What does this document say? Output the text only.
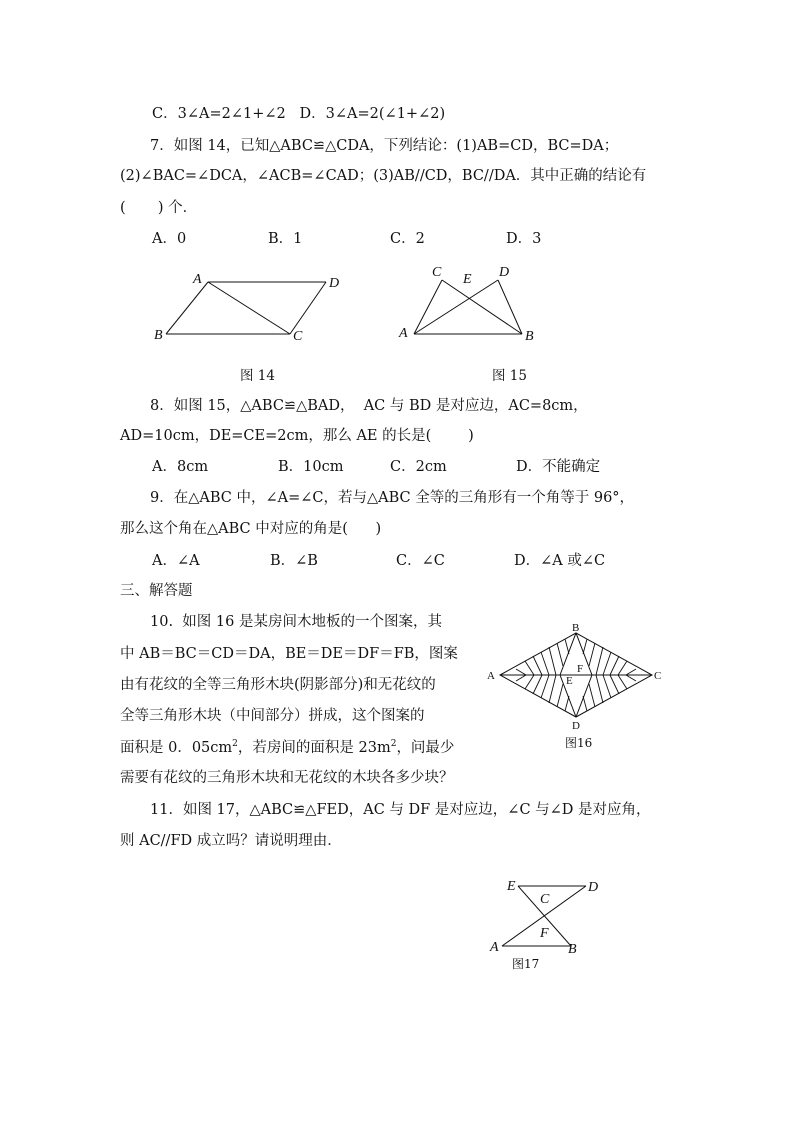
C．3∠A=2∠1+∠2   D．3∠A=2(∠1+∠2)
7．如图 14，已知△ABC≌△CDA，下列结论：(1)AB=CD，BC=DA；
(2)∠BAC=∠DCA，∠ACB=∠CAD；(3)AB//CD，BC//DA．其中正确的结论有
(       ) 个．
A．0	B．1	C．2	D．3
A	D
B	C
C E D
A	B
图 14	图 15
8．如图 15，△ABC≌△BAD，  AC 与 BD 是对应边，AC=8cm，
AD=10cm，DE=CE=2cm，那么 AE 的长是(        )
A．8cm	B．10cm	C．2cm	D．不能确定
9．在△ABC 中，∠A=∠C，若与△ABC 全等的三角形有一个角等于 96°，
那么这个角在△ABC 中对应的角是(      )
A．∠A	B．∠B	C．∠C	D．∠A 或∠C
三、解答题
10.  如图 16 是某房间木地板的一个图案，其
中 AB＝BC＝CD＝DA，BE＝DE＝DF＝FB，图案
由有花纹的全等三角形木块(阴影部分)和无花纹的
全等三角形木块（中间部分）拼成，这个图案的
面积是 0．$05cm^2$，若房间的面积是 $23m^2$，问最少
需要有花纹的三角形木块和无花纹的木块各多少块？
B
A	C
D
E
F
E	D
C
F
A	B
图16
11．如图 17，△ABC≌△FED，AC 与 DF 是对应边，∠C 与∠D 是对应角，
则 AC//FD 成立吗？请说明理由．
图17
